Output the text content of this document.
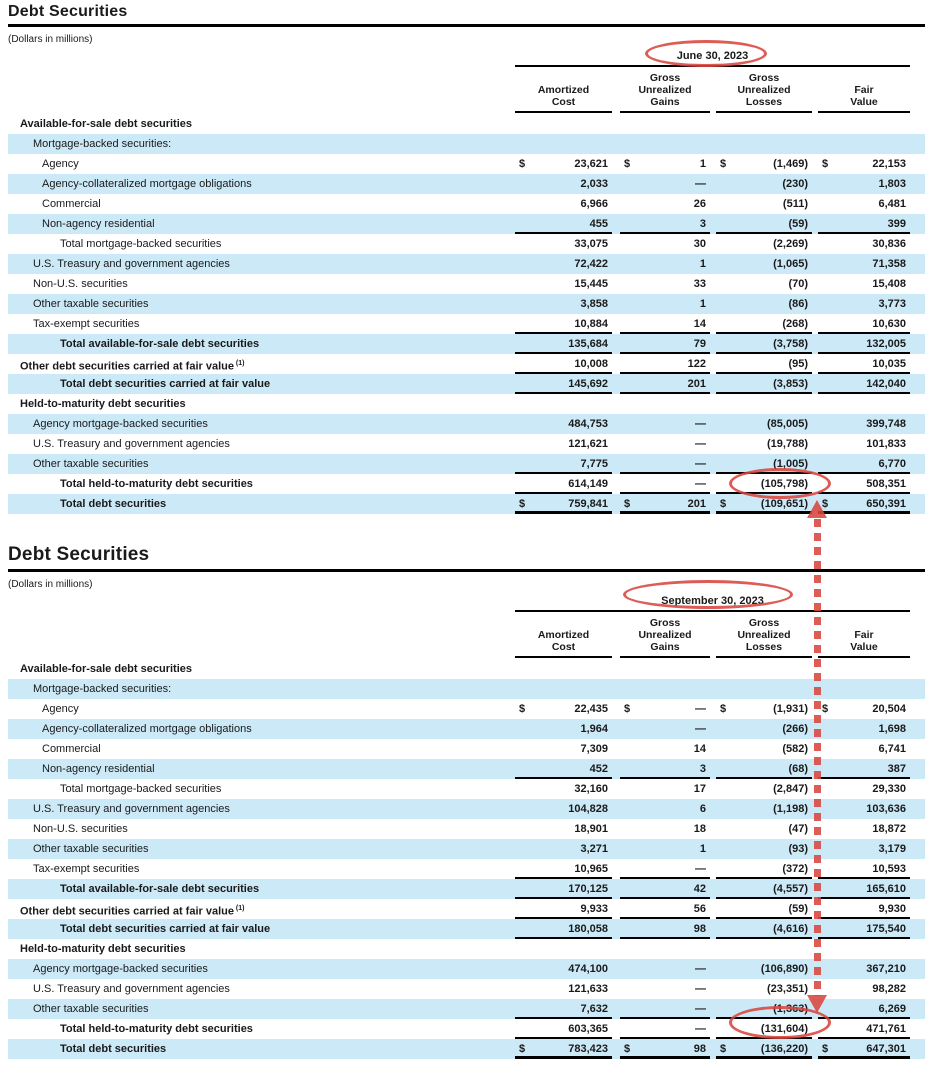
Debt Securities
(Dollars in millions)
June 30, 2023
Amortized
Cost
Gross
Unrealized
Gains
Gross
Unrealized
Losses
Fair
Value
Available-for-sale debt securities
Mortgage-backed securities:
Agency	$	23,621	$	1	$	(1,469)	$	22,153
Agency-collateralized mortgage obligations	2,033	—	(230)	1,803
Commercial	6,966	26	(511)	6,481
Non-agency residential	455	3	(59)	399
Total mortgage-backed securities	33,075	30	(2,269)	30,836
U.S. Treasury and government agencies	72,422	1	(1,065)	71,358
Non-U.S. securities	15,445	33	(70)	15,408
Other taxable securities	3,858	1	(86)	3,773
Tax-exempt securities	10,884	14	(268)	10,630
Total available-for-sale debt securities	135,684	79	(3,758)	132,005
Other debt securities carried at fair value $^{(1)}$	10,008	122	(95)	10,035
Total debt securities carried at fair value	145,692	201	(3,853)	142,040
Held-to-maturity debt securities
Agency mortgage-backed securities	484,753	—	(85,005)	399,748
U.S. Treasury and government agencies	121,621	—	(19,788)	101,833
Other taxable securities	7,775	—	(1,005)	6,770
Total held-to-maturity debt securities	614,149	—	(105,798)	508,351
Total debt securities	$	759,841	$	201	$	(109,651)	$	650,391
Debt Securities
(Dollars in millions)
September 30, 2023
Amortized
Cost
Gross
Unrealized
Gains
Gross
Unrealized
Losses
Fair
Value
Available-for-sale debt securities
Mortgage-backed securities:
Agency	$	22,435	$	—	$	(1,931)	$	20,504
Agency-collateralized mortgage obligations	1,964	—	(266)	1,698
Commercial	7,309	14	(582)	6,741
Non-agency residential	452	3	(68)	387
Total mortgage-backed securities	32,160	17	(2,847)	29,330
U.S. Treasury and government agencies	104,828	6	(1,198)	103,636
Non-U.S. securities	18,901	18	(47)	18,872
Other taxable securities	3,271	1	(93)	3,179
Tax-exempt securities	10,965	—	(372)	10,593
Total available-for-sale debt securities	170,125	42	(4,557)	165,610
Other debt securities carried at fair value $^{(1)}$	9,933	56	(59)	9,930
Total debt securities carried at fair value	180,058	98	(4,616)	175,540
Held-to-maturity debt securities
Agency mortgage-backed securities	474,100	—	(106,890)	367,210
U.S. Treasury and government agencies	121,633	—	(23,351)	98,282
Other taxable securities	7,632	—	(1,363)	6,269
Total held-to-maturity debt securities	603,365	—	(131,604)	471,761
Total debt securities	$	783,423	$	98	$	(136,220)	$	647,301
